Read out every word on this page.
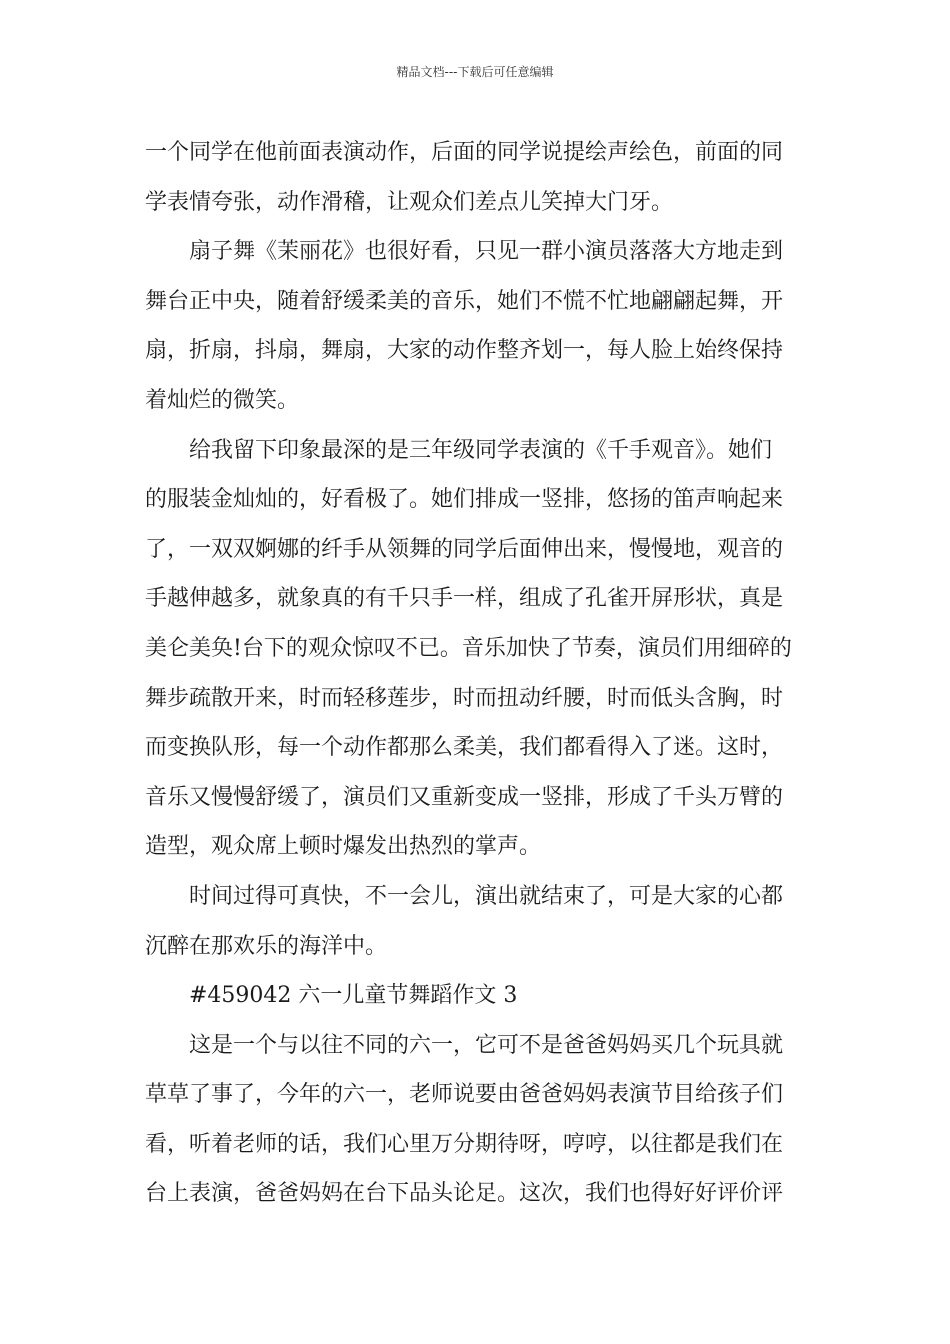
精品文档---下载后可任意编辑
一个同学在他前面表演动作，后面的同学说提绘声绘色，前面的同
学表情夸张，动作滑稽，让观众们差点儿笑掉大门牙。
扇子舞《茉丽花》也很好看，只见一群小演员落落大方地走到
舞台正中央，随着舒缓柔美的音乐，她们不慌不忙地翩翩起舞，开
扇，折扇，抖扇，舞扇，大家的动作整齐划一，每人脸上始终保持
着灿烂的微笑。
给我留下印象最深的是三年级同学表演的《千手观音》。她们
的服装金灿灿的，好看极了。她们排成一竖排，悠扬的笛声响起来
了，一双双婀娜的纤手从领舞的同学后面伸出来，慢慢地，观音的
手越伸越多，就象真的有千只手一样，组成了孔雀开屏形状，真是
美仑美奂!台下的观众惊叹不已。音乐加快了节奏，演员们用细碎的
舞步疏散开来，时而轻移莲步，时而扭动纤腰，时而低头含胸，时
而变换队形，每一个动作都那么柔美，我们都看得入了迷。这时，
音乐又慢慢舒缓了，演员们又重新变成一竖排，形成了千头万臂的
造型，观众席上顿时爆发出热烈的掌声。
时间过得可真快，不一会儿，演出就结束了，可是大家的心都
沉醉在那欢乐的海洋中。
#459042 六一儿童节舞蹈作文 3
这是一个与以往不同的六一，它可不是爸爸妈妈买几个玩具就
草草了事了，今年的六一，老师说要由爸爸妈妈表演节目给孩子们
看，听着老师的话，我们心里万分期待呀，哼哼，以往都是我们在
台上表演，爸爸妈妈在台下品头论足。这次，我们也得好好评价评
